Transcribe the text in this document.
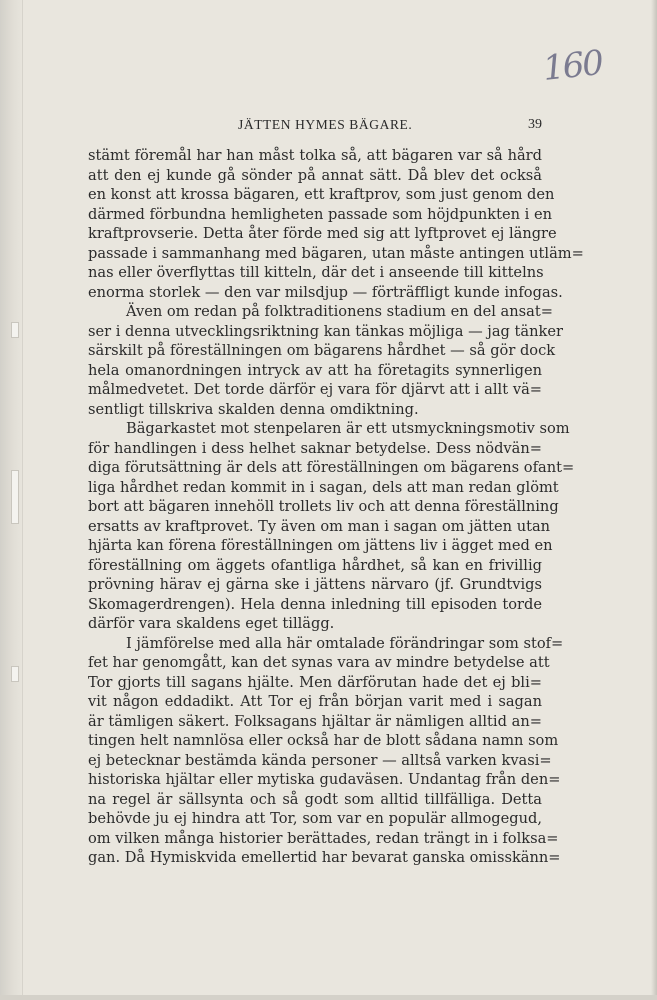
160
JÄTTEN HYMES BÄGARE.	39
stämt föremål har han måst tolka så, att bägaren var så hård
att den ej kunde gå sönder på annat sätt. Då blev det också
en konst att krossa bägaren, ett kraftprov, som just genom den
därmed förbundna hemligheten passade som höjdpunkten i en
kraftprovserie. Detta åter förde med sig att lyftprovet ej längre
passade i sammanhang med bägaren, utan måste antingen utläm=
nas eller överflyttas till kitteln, där det i anseende till kittelns
enorma storlek — den var milsdjup — förträffligt kunde infogas.
Även om redan på folktraditionens stadium en del ansat=
ser i denna utvecklingsriktning kan tänkas möjliga — jag tänker
särskilt på föreställningen om bägarens hårdhet — så gör dock
hela omanordningen intryck av att ha företagits synnerligen
målmedvetet. Det torde därför ej vara för djärvt att i allt vä=
sentligt tillskriva skalden denna omdiktning.
Bägarkastet mot stenpelaren är ett utsmyckningsmotiv som
för handlingen i dess helhet saknar betydelse. Dess nödvän=
diga förutsättning är dels att föreställningen om bägarens ofant=
liga hårdhet redan kommit in i sagan, dels att man redan glömt
bort att bägaren innehöll trollets liv och att denna föreställning
ersatts av kraftprovet. Ty även om man i sagan om jätten utan
hjärta kan förena föreställningen om jättens liv i ägget med en
föreställning om äggets ofantliga hårdhet, så kan en frivillig
prövning härav ej gärna ske i jättens närvaro (jf. Grundtvigs
Skomagerdrengen). Hela denna inledning till episoden torde
därför vara skaldens eget tillägg.
I jämförelse med alla här omtalade förändringar som stof=
fet har genomgått, kan det synas vara av mindre betydelse att
Tor gjorts till sagans hjälte. Men därförutan hade det ej bli=
vit någon eddadikt. Att Tor ej från början varit med i sagan
är tämligen säkert. Folksagans hjältar är nämligen alltid an=
tingen helt namnlösa eller också har de blott sådana namn som
ej betecknar bestämda kända personer — alltså varken kvasi=
historiska hjältar eller mytiska gudaväsen. Undantag från den=
na regel är sällsynta och så godt som alltid tillfälliga. Detta
behövde ju ej hindra att Tor, som var en populär allmogegud,
om vilken många historier berättades, redan trängt in i folksa=
gan. Då Hymiskvida emellertid har bevarat ganska omisskänn=
